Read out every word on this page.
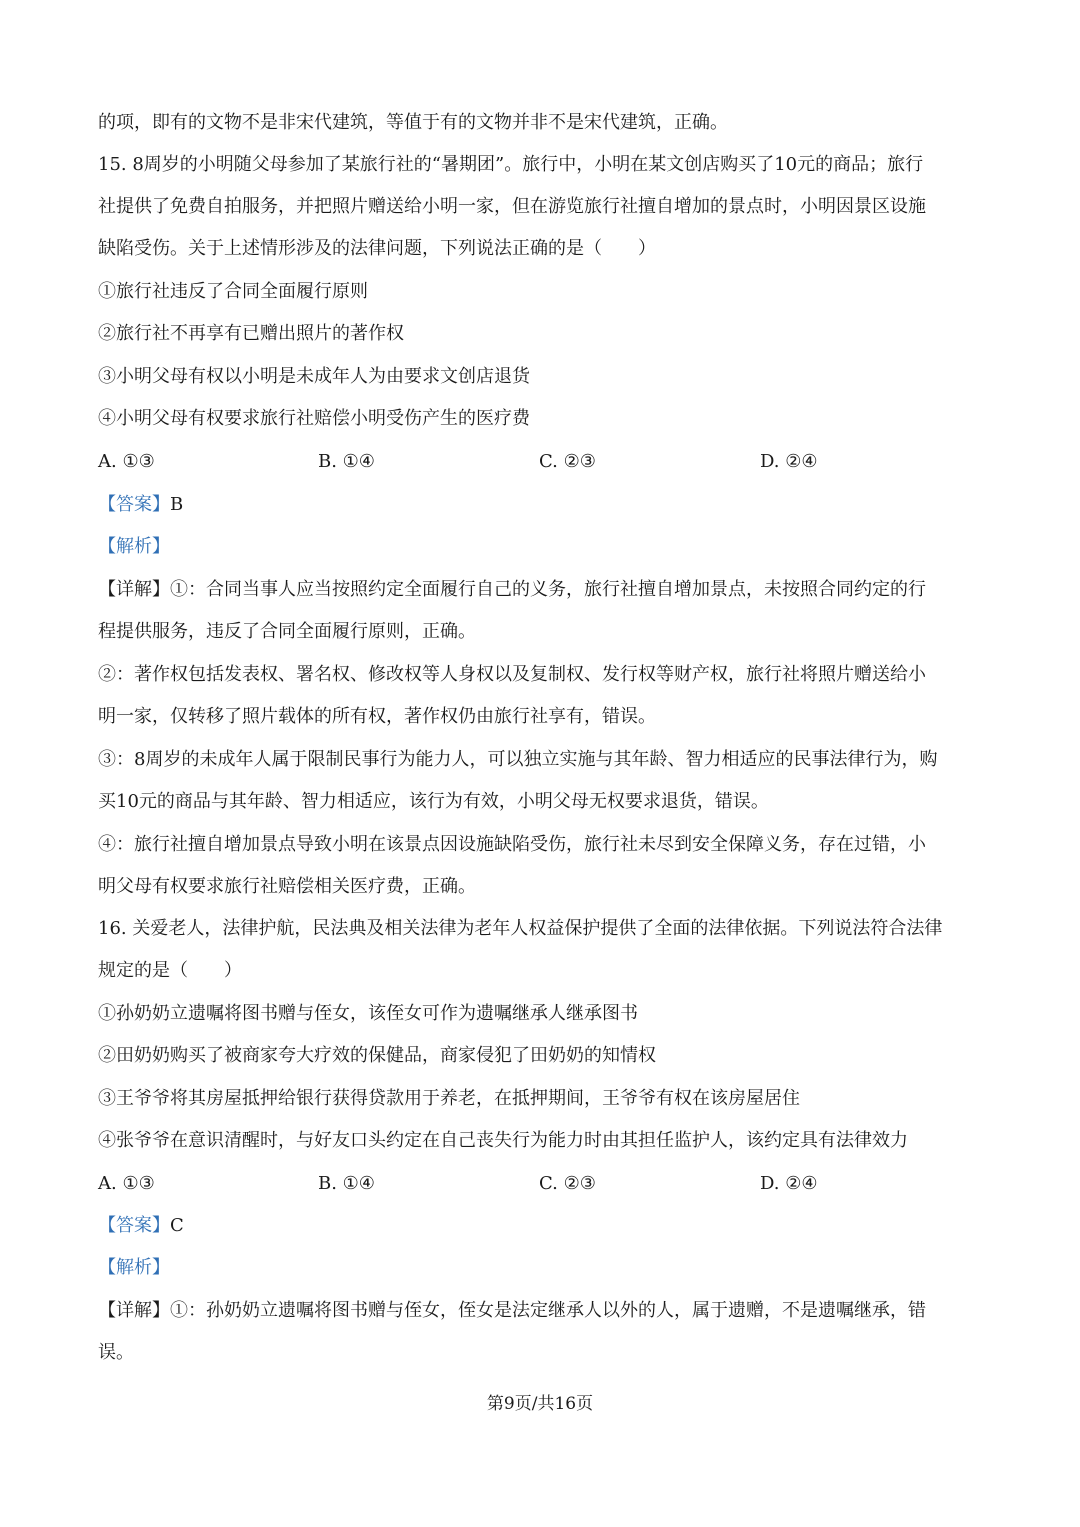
的项，即有的文物不是非宋代建筑，等值于有的文物并非不是宋代建筑，正确。
15. 8周岁的小明随父母参加了某旅行社的“暑期团”。旅行中，小明在某文创店购买了10元的商品；旅行
社提供了免费自拍服务，并把照片赠送给小明一家，但在游览旅行社擅自增加的景点时，小明因景区设施
缺陷受伤。关于上述情形涉及的法律问题，下列说法正确的是（　　）
①旅行社违反了合同全面履行原则
②旅行社不再享有已赠出照片的著作权
③小明父母有权以小明是未成年人为由要求文创店退货
④小明父母有权要求旅行社赔偿小明受伤产生的医疗费
A. ①③	B. ①④	C. ②③	D. ②④
【答案】B
【解析】
【详解】①：合同当事人应当按照约定全面履行自己的义务，旅行社擅自增加景点，未按照合同约定的行
程提供服务，违反了合同全面履行原则，正确。
②：著作权包括发表权、署名权、修改权等人身权以及复制权、发行权等财产权，旅行社将照片赠送给小
明一家，仅转移了照片载体的所有权，著作权仍由旅行社享有，错误。
③：8周岁的未成年人属于限制民事行为能力人，可以独立实施与其年龄、智力相适应的民事法律行为，购
买10元的商品与其年龄、智力相适应，该行为有效，小明父母无权要求退货，错误。
④：旅行社擅自增加景点导致小明在该景点因设施缺陷受伤，旅行社未尽到安全保障义务，存在过错，小
明父母有权要求旅行社赔偿相关医疗费，正确。
16. 关爱老人，法律护航，民法典及相关法律为老年人权益保护提供了全面的法律依据。下列说法符合法律
规定的是（　　）
①孙奶奶立遗嘱将图书赠与侄女，该侄女可作为遗嘱继承人继承图书
②田奶奶购买了被商家夸大疗效的保健品，商家侵犯了田奶奶的知情权
③王爷爷将其房屋抵押给银行获得贷款用于养老，在抵押期间，王爷爷有权在该房屋居住
④张爷爷在意识清醒时，与好友口头约定在自己丧失行为能力时由其担任监护人，该约定具有法律效力
A. ①③	B. ①④	C. ②③	D. ②④
【答案】C
【解析】
【详解】①：孙奶奶立遗嘱将图书赠与侄女，侄女是法定继承人以外的人，属于遗赠，不是遗嘱继承，错
误。
第9页/共16页
